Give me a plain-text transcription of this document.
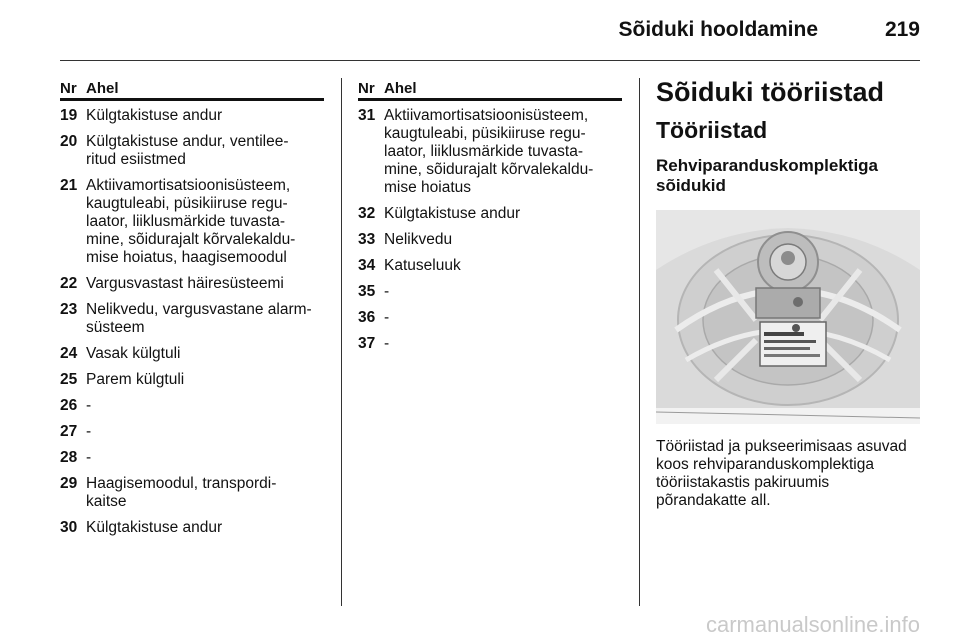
Sõiduki hooldamine	219
Nr Ahel
19 Külgtakistuse andur
20 Külgtakistuse andur, ventilee-
ritud esiistmed
21 Aktiivamortisatsioonisüsteem,
kaugtuleabi, püsikiiruse regu-
laator, liiklusmärkide tuvasta-
mine, sõidurajalt kõrvalekaldu-
mise hoiatus, haagisemoodul
22 Vargusvastast häiresüsteemi
23 Nelikvedu, vargusvastane alarm-
süsteem
24 Vasak külgtuli
25 Parem külgtuli
26 -
27 -
28 -
29 Haagisemoodul, transpordi-
kaitse
30 Külgtakistuse andur
Nr Ahel
31 Aktiivamortisatsioonisüsteem,
kaugtuleabi, püsikiiruse regu-
laator, liiklusmärkide tuvasta-
mine, sõidurajalt kõrvalekaldu-
mise hoiatus
32 Külgtakistuse andur
33 Nelikvedu
34 Katuseluuk
35 -
36 -
37 -
Sõiduki tööriistad
Tööriistad
Rehviparanduskomplektiga
sõidukid
Tööriistad ja pukseerimisaas asuvad
koos rehviparanduskomplektiga
tööriistakastis pakiruumis
põrandakatte all.
carmanualsonline.info
